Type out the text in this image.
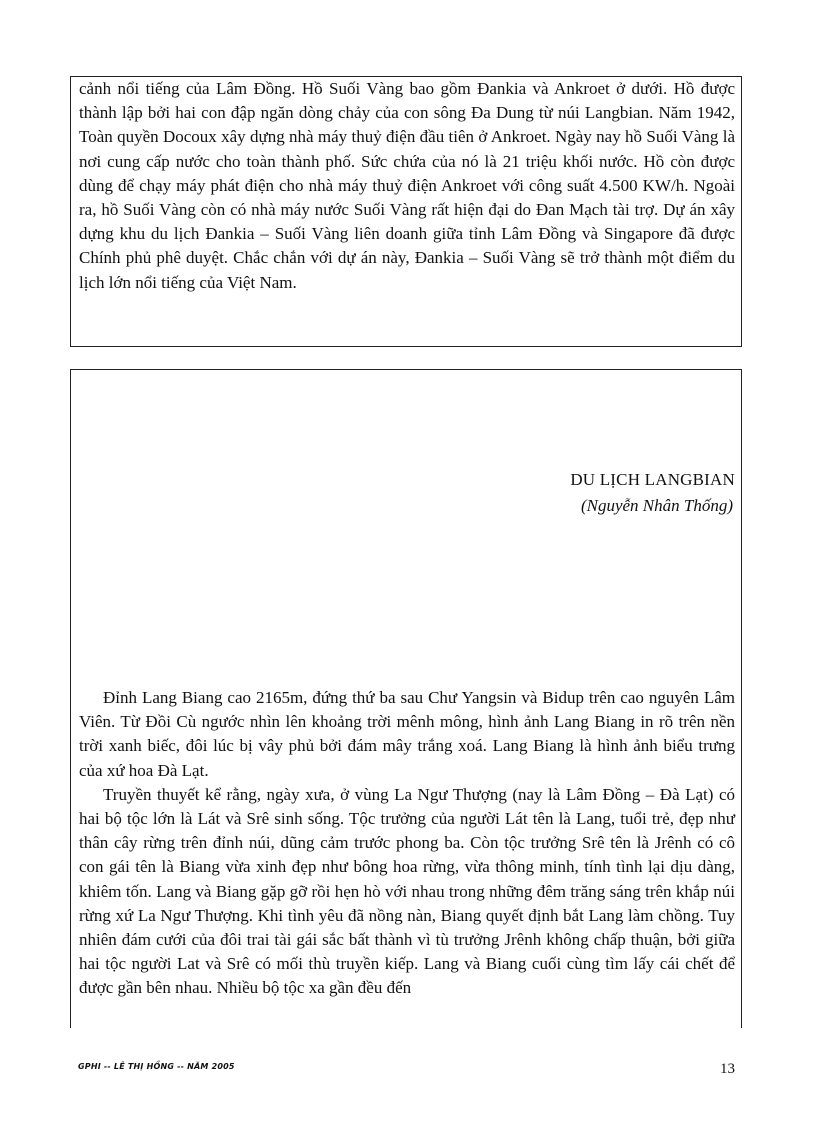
cảnh nổi tiếng của Lâm Đồng. Hồ Suối Vàng bao gồm Đankia và Ankroet ở dưới. Hồ được thành lập bởi hai con đập ngăn dòng chảy của con sông Đa Dung từ núi Langbian. Năm 1942, Toàn quyền Docoux xây dựng nhà máy thuỷ điện đầu tiên ở Ankroet. Ngày nay hồ Suối Vàng là nơi cung cấp nước cho toàn thành phố. Sức chứa của nó là 21 triệu khối nước. Hồ còn được dùng để chạy máy phát điện cho nhà máy thuỷ điện Ankroet với công suất 4.500 KW/h. Ngoài ra, hồ Suối Vàng còn có nhà máy nước Suối Vàng rất hiện đại do Đan Mạch tài trợ. Dự án xây dựng khu du lịch Đankia – Suối Vàng liên doanh giữa tỉnh Lâm Đồng và Singapore đã được Chính phủ phê duyệt. Chắc chắn với dự án này, Đankia – Suối Vàng sẽ trở thành một điểm du lịch lớn nổi tiếng của Việt Nam.

DU LỊCH LANGBIAN
(Nguyễn Nhân Thống)

Đỉnh Lang Biang cao 2165m, đứng thứ ba sau Chư Yangsin và Bidup trên cao nguyên Lâm Viên. Từ Đồi Cù ngước nhìn lên khoảng trời mênh mông, hình ảnh Lang Biang in rõ trên nền trời xanh biếc, đôi lúc bị vây phủ bởi đám mây trắng xoá. Lang Biang là hình ảnh biểu trưng của xứ hoa Đà Lạt.

Truyền thuyết kể rằng, ngày xưa, ở vùng La Ngư Thượng (nay là Lâm Đồng – Đà Lạt) có hai bộ tộc lớn là Lát và Srê sinh sống. Tộc trưởng của người Lát tên là Lang, tuổi trẻ, đẹp như thân cây rừng trên đỉnh núi, dũng cảm trước phong ba. Còn tộc trưởng Srê tên là Jrênh có cô con gái tên là Biang vừa xinh đẹp như bông hoa rừng, vừa thông minh, tính tình lại dịu dàng, khiêm tốn. Lang và Biang gặp gỡ rồi hẹn hò với nhau trong những đêm trăng sáng trên khắp núi rừng xứ La Ngư Thượng. Khi tình yêu đã nồng nàn, Biang quyết định bắt Lang làm chồng. Tuy nhiên đám cưới của đôi trai tài gái sắc bất thành vì tù trưởng Jrênh không chấp thuận, bởi giữa hai tộc người Lat và Srê có mối thù truyền kiếp. Lang và Biang cuối cùng tìm lấy cái chết để được gần bên nhau. Nhiều bộ tộc xa gần đều đến

GPHI -- LÊ THỊ HỒNG -- NĂM 2005	13
